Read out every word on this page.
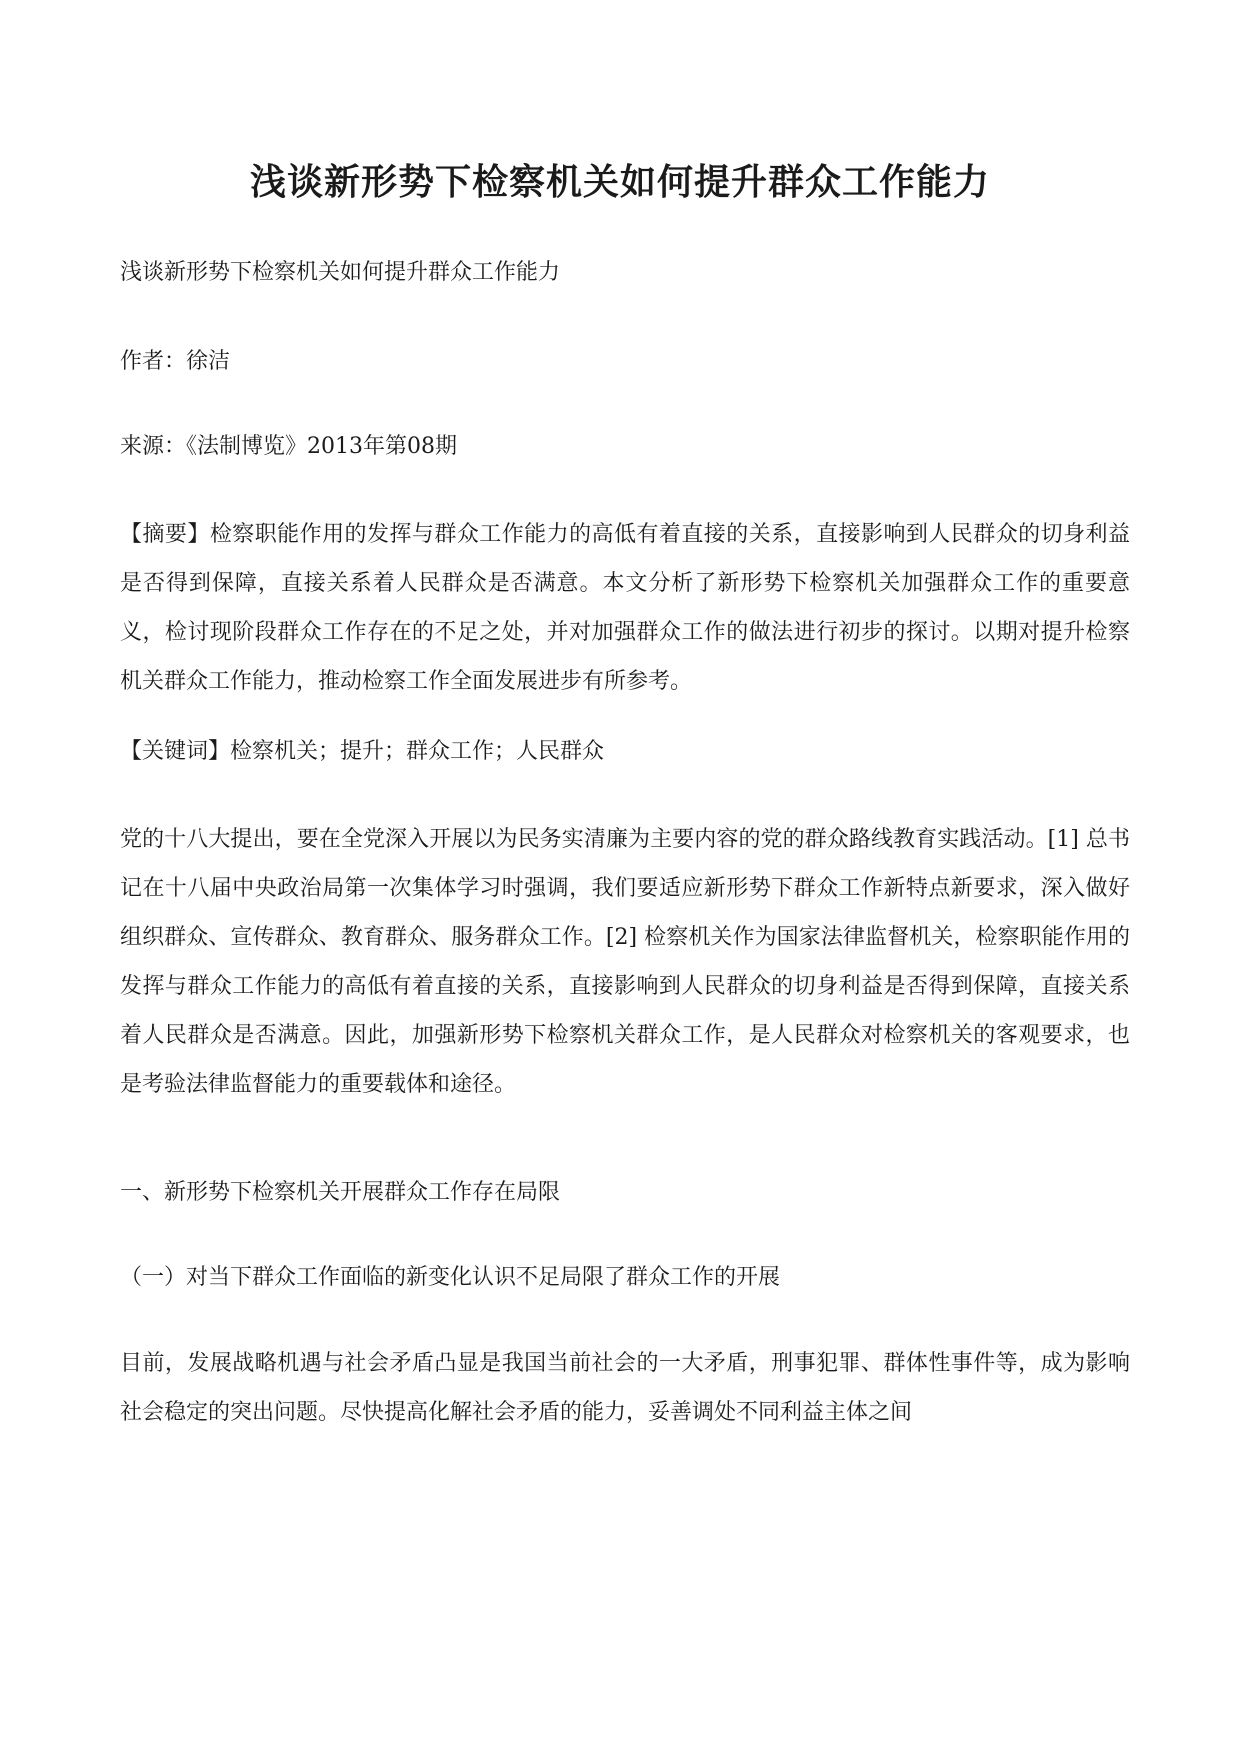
浅谈新形势下检察机关如何提升群众工作能力
浅谈新形势下检察机关如何提升群众工作能力
作者：徐洁
来源：《法制博览》2013年第08期

【摘要】检察职能作用的发挥与群众工作能力的高低有着直接的关系，直接影响到人民群众的切身利益是否得到保障，直接关系着人民群众是否满意。本文分析了新形势下检察机关加强群众工作的重要意义，检讨现阶段群众工作存在的不足之处，并对加强群众工作的做法进行初步的探讨。以期对提升检察机关群众工作能力，推动检察工作全面发展进步有所参考。

【关键词】检察机关；提升；群众工作；人民群众

党的十八大提出，要在全党深入开展以为民务实清廉为主要内容的党的群众路线教育实践活动。[1] 总书记在十八届中央政治局第一次集体学习时强调，我们要适应新形势下群众工作新特点新要求，深入做好组织群众、宣传群众、教育群众、服务群众工作。[2] 检察机关作为国家法律监督机关，检察职能作用的发挥与群众工作能力的高低有着直接的关系，直接影响到人民群众的切身利益是否得到保障，直接关系着人民群众是否满意。因此，加强新形势下检察机关群众工作，是人民群众对检察机关的客观要求，也是考验法律监督能力的重要载体和途径。

一、新形势下检察机关开展群众工作存在局限
（一）对当下群众工作面临的新变化认识不足局限了群众工作的开展

目前，发展战略机遇与社会矛盾凸显是我国当前社会的一大矛盾，刑事犯罪、群体性事件等，成为影响社会稳定的突出问题。尽快提高化解社会矛盾的能力，妥善调处不同利益主体之间
